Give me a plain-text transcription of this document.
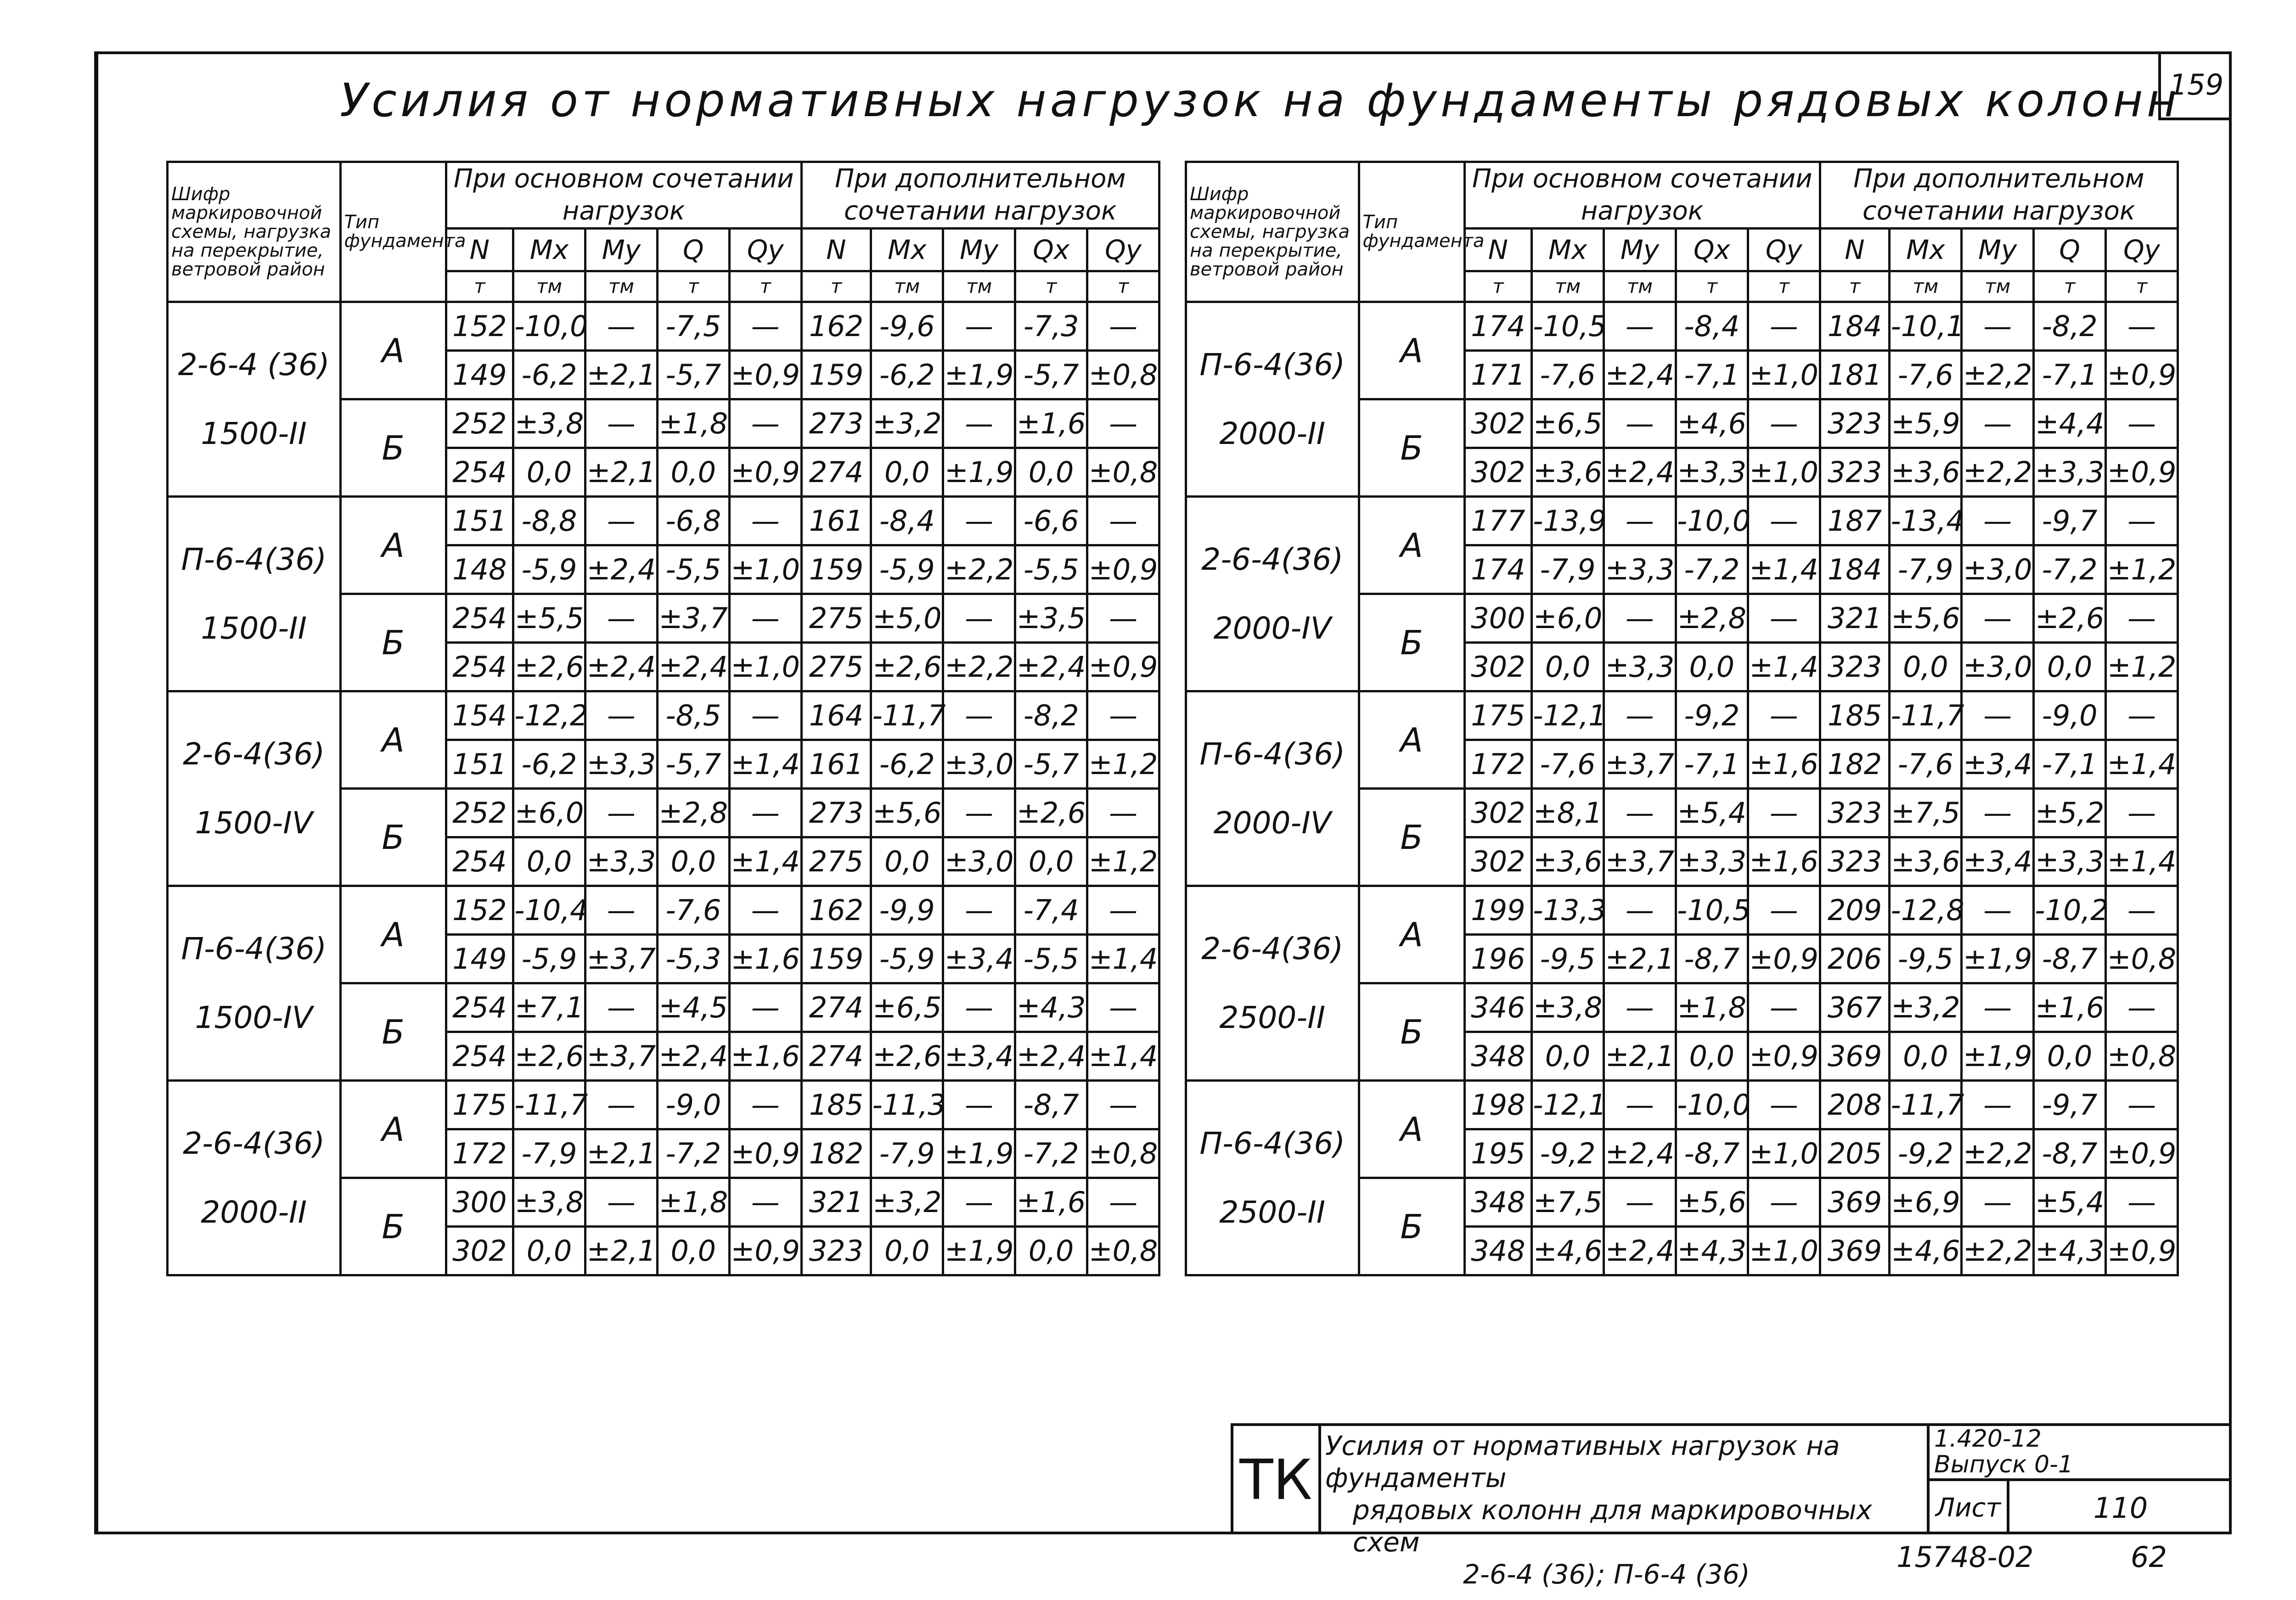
159
Усилия от нормативных нагрузок на фундаменты рядовых колонн
Шифр маркировочной схемы, нагрузка на перекрытие, ветровой район	Тип фундамента	При основном сочетании нагрузок					При дополнительном сочетании нагрузок				
		N	Mx	My	Q	Qy	N	Mx	My	Qx	Qy
		т	тм	тм	т	т	т	тм	тм	т	т

2-6-4 (36)
1500-II	А	152	-10,0	—	-7,5	—	162	-9,6	—	-7,3	—
		149	-6,2	±2,1	-5,7	±0,9	159	-6,2	±1,9	-5,7	±0,8
	Б	252	±3,8	—	±1,8	—	273	±3,2	—	±1,6	—
		254	0,0	±2,1	0,0	±0,9	274	0,0	±1,9	0,0	±0,8

П-6-4(36)
1500-II	А	151	-8,8	—	-6,8	—	161	-8,4	—	-6,6	—
		148	-5,9	±2,4	-5,5	±1,0	159	-5,9	±2,2	-5,5	±0,9
	Б	254	±5,5	—	±3,7	—	275	±5,0	—	±3,5	—
		254	±2,6	±2,4	±2,4	±1,0	275	±2,6	±2,2	±2,4	±0,9

2-6-4(36)
1500-IV	А	154	-12,2	—	-8,5	—	164	-11,7	—	-8,2	—
		151	-6,2	±3,3	-5,7	±1,4	161	-6,2	±3,0	-5,7	±1,2
	Б	252	±6,0	—	±2,8	—	273	±5,6	—	±2,6	—
		254	0,0	±3,3	0,0	±1,4	275	0,0	±3,0	0,0	±1,2

П-6-4(36)
1500-IV	А	152	-10,4	—	-7,6	—	162	-9,9	—	-7,4	—
		149	-5,9	±3,7	-5,3	±1,6	159	-5,9	±3,4	-5,5	±1,4
	Б	254	±7,1	—	±4,5	—	274	±6,5	—	±4,3	—
		254	±2,6	±3,7	±2,4	±1,6	274	±2,6	±3,4	±2,4	±1,4

2-6-4(36)
2000-II	А	175	-11,7	—	-9,0	—	185	-11,3	—	-8,7	—
		172	-7,9	±2,1	-7,2	±0,9	182	-7,9	±1,9	-7,2	±0,8
	Б	300	±3,8	—	±1,8	—	321	±3,2	—	±1,6	—
		302	0,0	±2,1	0,0	±0,9	323	0,0	±1,9	0,0	±0,8
Шифр маркировочной схемы, нагрузка на перекрытие, ветровой район	Тип фундамента	При основном сочетании нагрузок					При дополнительном сочетании нагрузок				
		N	Mx	My	Qx	Qy	N	Mx	My	Q	Qy
		т	тм	тм	т	т	т	тм	тм	т	т

П-6-4(36)
2000-II	А	174	-10,5	—	-8,4	—	184	-10,1	—	-8,2	—
		171	-7,6	±2,4	-7,1	±1,0	181	-7,6	±2,2	-7,1	±0,9
	Б	302	±6,5	—	±4,6	—	323	±5,9	—	±4,4	—
		302	±3,6	±2,4	±3,3	±1,0	323	±3,6	±2,2	±3,3	±0,9

2-6-4(36)
2000-IV	А	177	-13,9	—	-10,0	—	187	-13,4	—	-9,7	—
		174	-7,9	±3,3	-7,2	±1,4	184	-7,9	±3,0	-7,2	±1,2
	Б	300	±6,0	—	±2,8	—	321	±5,6	—	±2,6	—
		302	0,0	±3,3	0,0	±1,4	323	0,0	±3,0	0,0	±1,2

П-6-4(36)
2000-IV	А	175	-12,1	—	-9,2	—	185	-11,7	—	-9,0	—
		172	-7,6	±3,7	-7,1	±1,6	182	-7,6	±3,4	-7,1	±1,4
	Б	302	±8,1	—	±5,4	—	323	±7,5	—	±5,2	—
		302	±3,6	±3,7	±3,3	±1,6	323	±3,6	±3,4	±3,3	±1,4

2-6-4(36)
2500-II	А	199	-13,3	—	-10,5	—	209	-12,8	—	-10,2	—
		196	-9,5	±2,1	-8,7	±0,9	206	-9,5	±1,9	-8,7	±0,8
	Б	346	±3,8	—	±1,8	—	367	±3,2	—	±1,6	—
		348	0,0	±2,1	0,0	±0,9	369	0,0	±1,9	0,0	±0,8

П-6-4(36)
2500-II	А	198	-12,1	—	-10,0	—	208	-11,7	—	-9,7	—
		195	-9,2	±2,4	-8,7	±1,0	205	-9,2	±2,2	-8,7	±0,9
	Б	348	±7,5	—	±5,6	—	369	±6,9	—	±5,4	—
		348	±4,6	±2,4	±4,3	±1,0	369	±4,6	±2,2	±4,3	±0,9
ТК
Усилия от нормативных нагрузок на фундаменты
рядовых колонн для маркировочных схем
2-6-4 (36); П-6-4 (36)
1.420-12
Выпуск 0-1
Лист	110
15748-02	62
